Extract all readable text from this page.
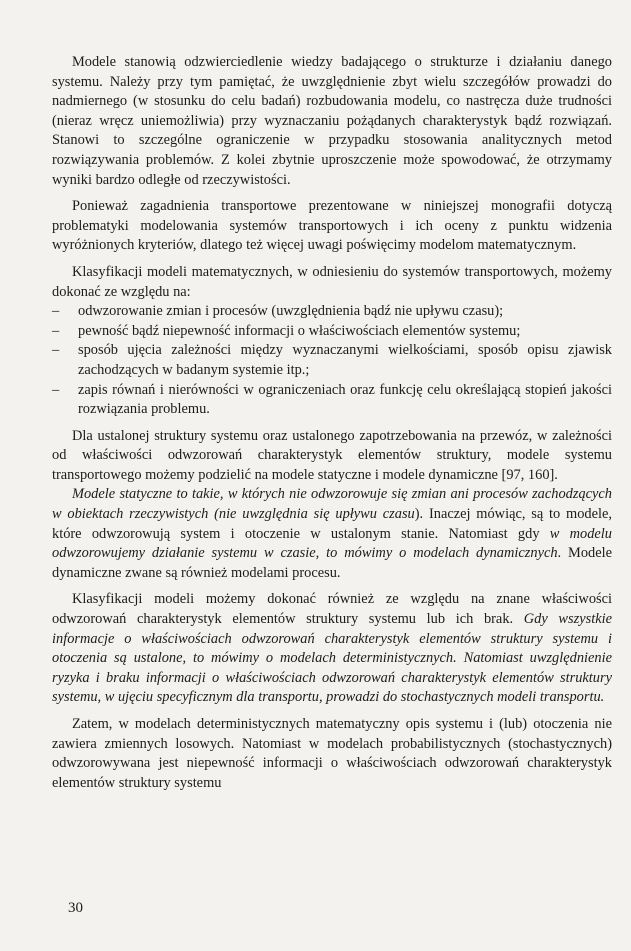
Modele stanowią odzwierciedlenie wiedzy badającego o strukturze i działaniu danego systemu. Należy przy tym pamiętać, że uwzględnienie zbyt wielu szczegółów prowadzi do nadmiernego (w stosunku do celu badań) rozbudowania modelu, co nastręcza duże trudności (nieraz wręcz uniemożliwia) przy wyznaczaniu pożądanych charakterystyk bądź rozwiązań. Stanowi to szczególne ograniczenie w przypadku stosowania analitycznych metod rozwiązywania problemów. Z kolei zbytnie uproszczenie może spowodować, że otrzymamy wyniki bardzo odległe od rzeczywistości.

Ponieważ zagadnienia transportowe prezentowane w niniejszej monografii dotyczą problematyki modelowania systemów transportowych i ich oceny z punktu widzenia wyróżnionych kryteriów, dlatego też więcej uwagi poświęcimy modelom matematycznym.

Klasyfikacji modeli matematycznych, w odniesieniu do systemów transportowych, możemy dokonać ze względu na:

– odwzorowanie zmian i procesów (uwzględnienia bądź nie upływu czasu);
– pewność bądź niepewność informacji o właściwościach elementów systemu;
– sposób ujęcia zależności między wyznaczanymi wielkościami, sposób opisu zjawisk zachodzących w badanym systemie itp.;
– zapis równań i nierówności w ograniczeniach oraz funkcję celu określającą stopień jakości rozwiązania problemu.

Dla ustalonej struktury systemu oraz ustalonego zapotrzebowania na przewóz, w zależności od właściwości odwzorowań charakterystyk elementów struktury, modele systemu transportowego możemy podzielić na modele statyczne i modele dynamiczne [97, 160].

Modele statyczne to takie, w których nie odwzorowuje się zmian ani procesów zachodzących w obiektach rzeczywistych (nie uwzględnia się upływu czasu). Inaczej mówiąc, są to modele, które odwzorowują system i otoczenie w ustalonym stanie. Natomiast gdy w modelu odwzorowujemy działanie systemu w czasie, to mówimy o modelach dynamicznych. Modele dynamiczne zwane są również modelami procesu.

Klasyfikacji modeli możemy dokonać również ze względu na znane właściwości odwzorowań charakterystyk elementów struktury systemu lub ich brak. Gdy wszystkie informacje o właściwościach odwzorowań charakterystyk elementów struktury systemu i otoczenia są ustalone, to mówimy o modelach deterministycznych. Natomiast uwzględnienie ryzyka i braku informacji o właściwościach odwzorowań charakterystyk elementów struktury systemu, w ujęciu specyficznym dla transportu, prowadzi do stochastycznych modeli transportu.

Zatem, w modelach deterministycznych matematyczny opis systemu i (lub) otoczenia nie zawiera zmiennych losowych. Natomiast w modelach probabilistycznych (stochastycznych) odwzorowywana jest niepewność informacji o właściwościach odwzorowań charakterystyk elementów struktury systemu

30
